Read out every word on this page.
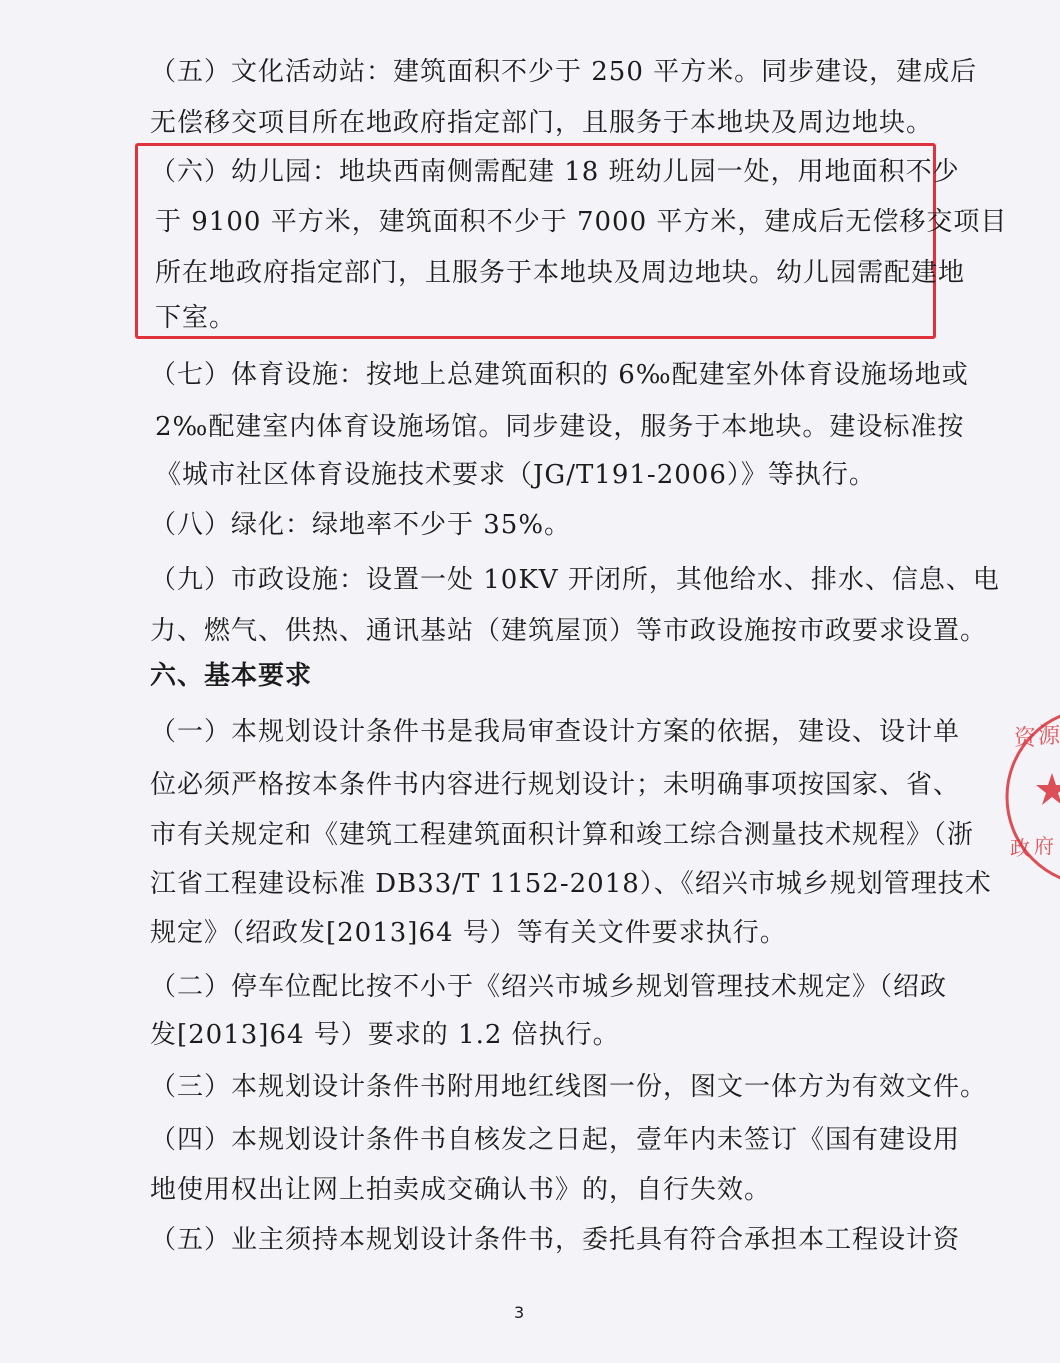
（五）文化活动站：建筑面积不少于 250 平方米。同步建设，建成后
无偿移交项目所在地政府指定部门，且服务于本地块及周边地块。
（六）幼儿园：地块西南侧需配建 18 班幼儿园一处，用地面积不少
于 9100 平方米，建筑面积不少于 7000 平方米，建成后无偿移交项目
所在地政府指定部门，且服务于本地块及周边地块。幼儿园需配建地
下室。
（七）体育设施：按地上总建筑面积的 6‰配建室外体育设施场地或
2‰配建室内体育设施场馆。同步建设，服务于本地块。建设标准按
《城市社区体育设施技术要求（JG/T191-2006）》等执行。
（八）绿化：绿地率不少于 35%。
（九）市政设施：设置一处 10KV 开闭所，其他给水、排水、信息、电
力、燃气、供热、通讯基站（建筑屋顶）等市政设施按市政要求设置。
六、基本要求
（一）本规划设计条件书是我局审查设计方案的依据，建设、设计单
位必须严格按本条件书内容进行规划设计；未明确事项按国家、省、
市有关规定和《建筑工程建筑面积计算和竣工综合测量技术规程》（浙
江省工程建设标准 DB33/T 1152-2018）、《绍兴市城乡规划管理技术
规定》（绍政发[2013]64 号）等有关文件要求执行。
（二）停车位配比按不小于《绍兴市城乡规划管理技术规定》（绍政
发[2013]64 号）要求的 1.2 倍执行。
（三）本规划设计条件书附用地红线图一份，图文一体方为有效文件。
（四）本规划设计条件书自核发之日起，壹年内未签订《国有建设用
地使用权出让网上拍卖成交确认书》的，自行失效。
（五）业主须持本规划设计条件书，委托具有符合承担本工程设计资
3
资 源
政 府
